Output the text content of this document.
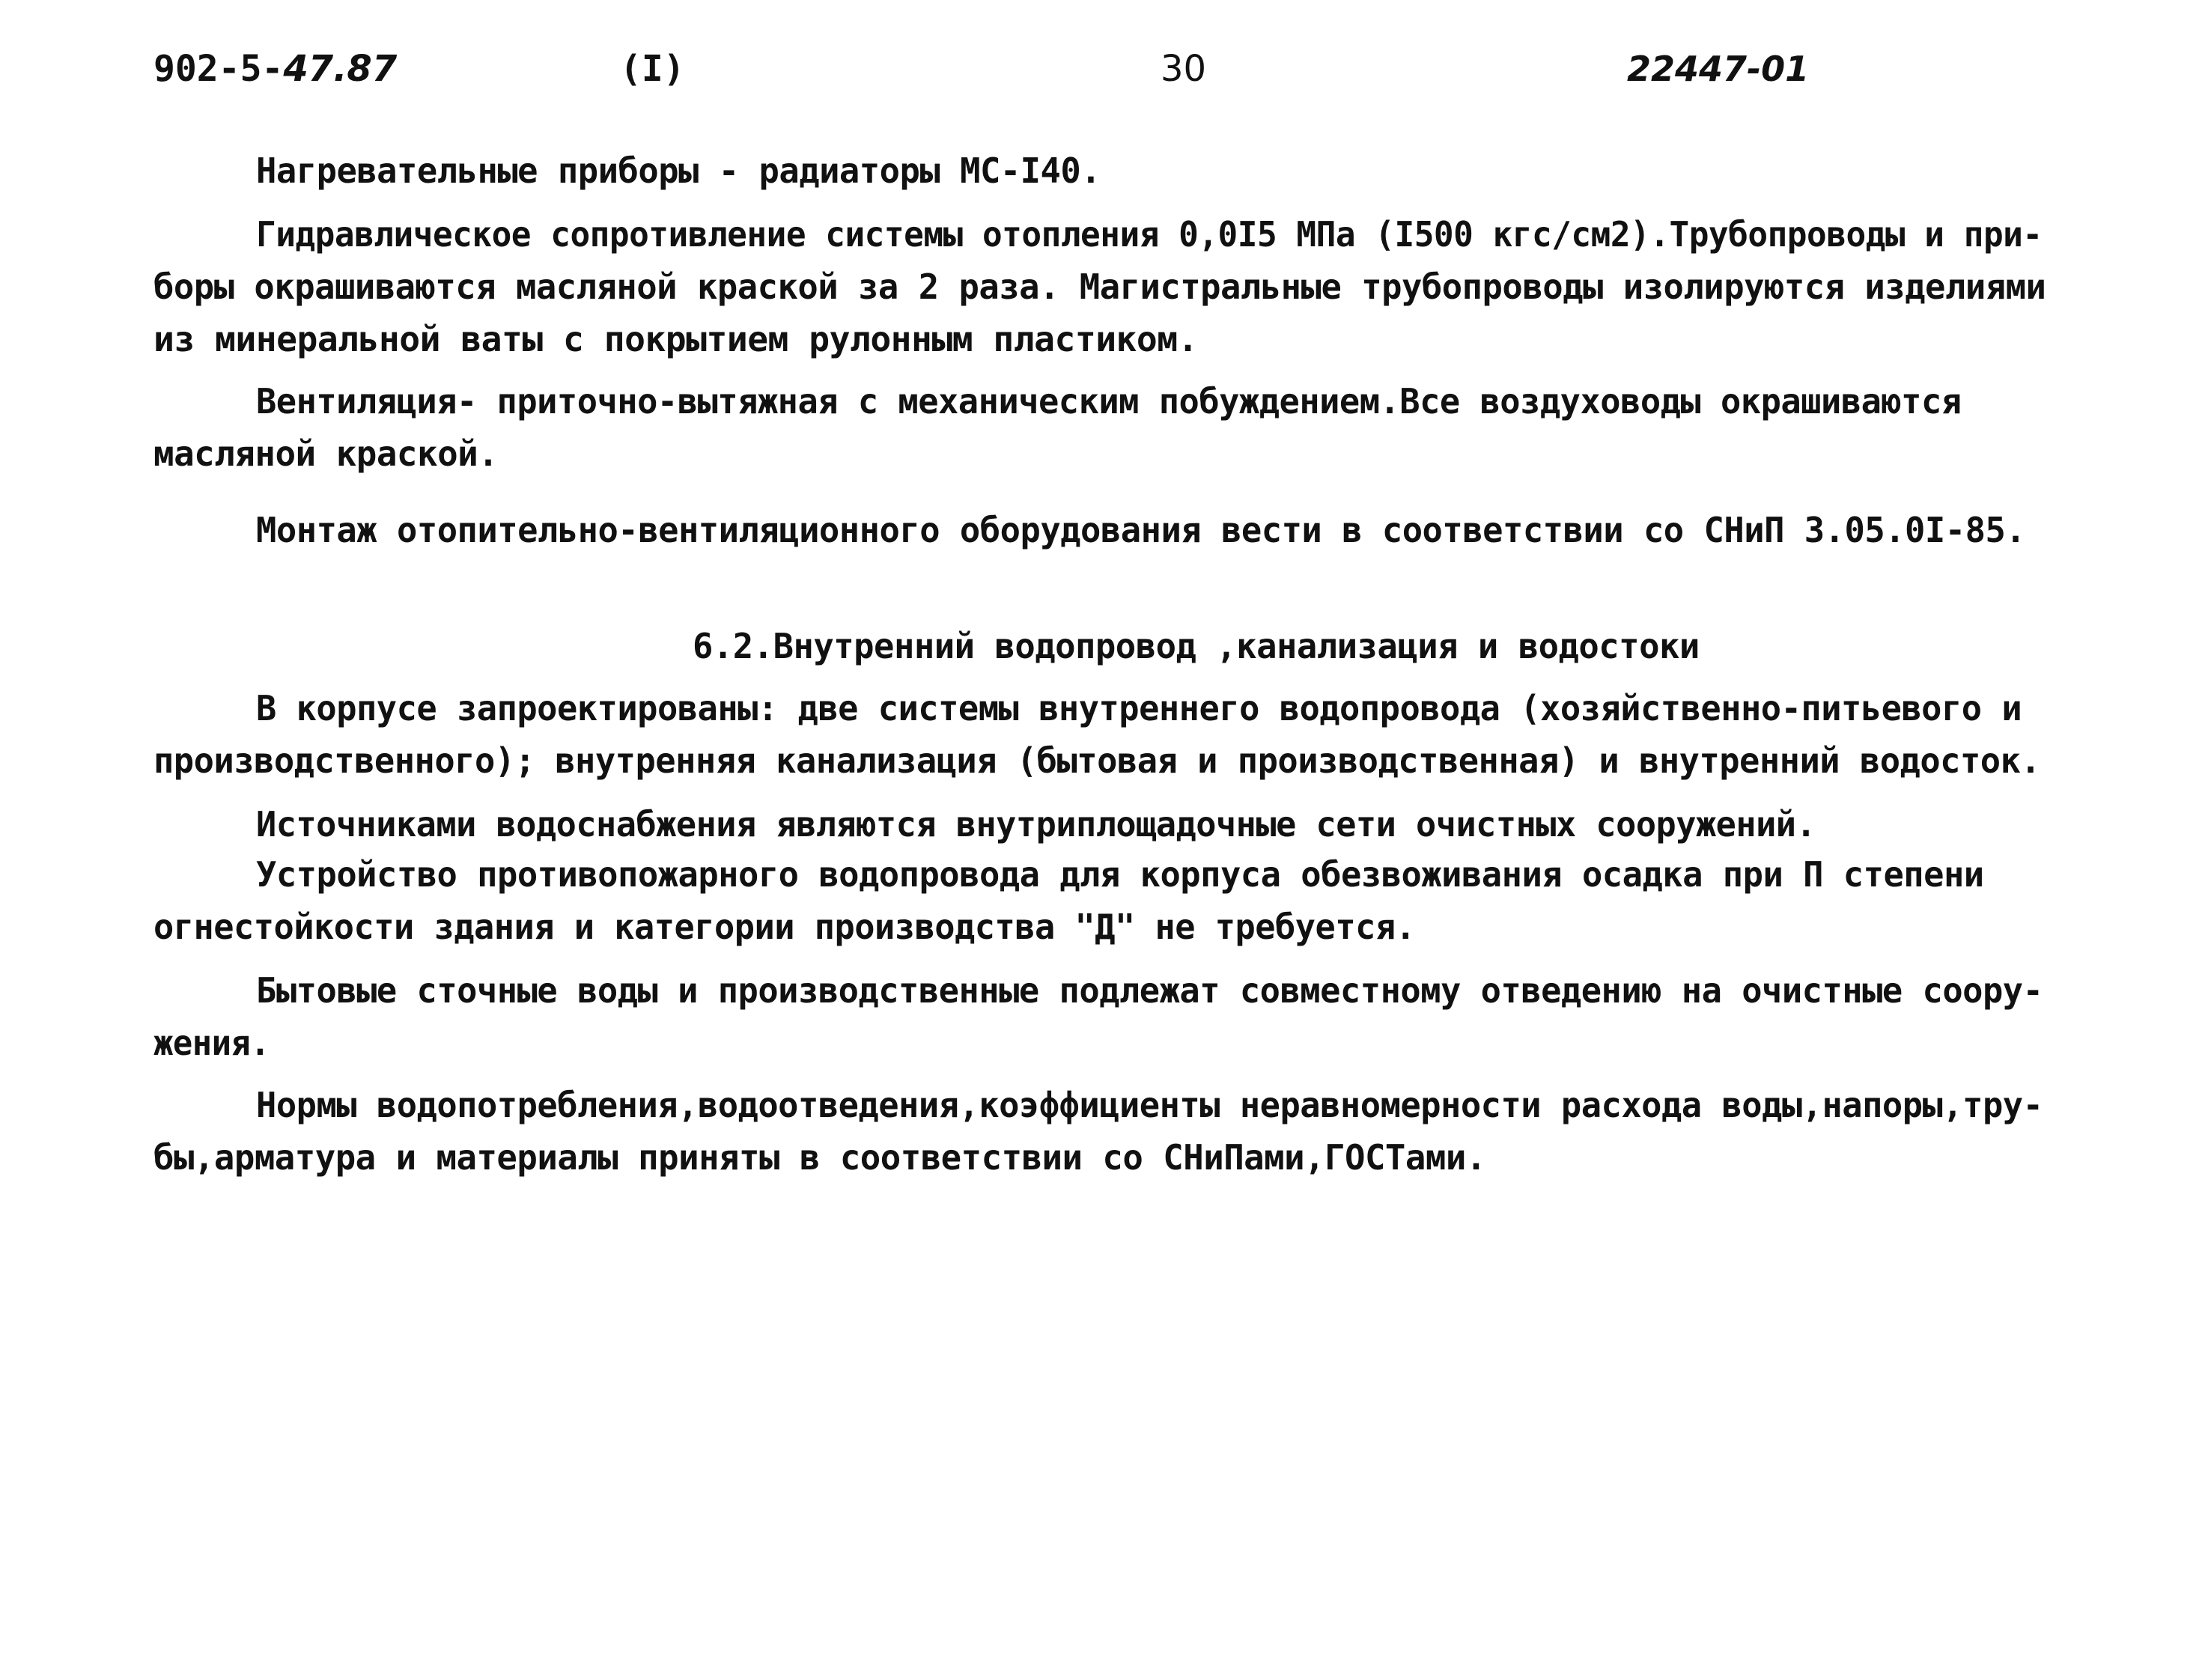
902-5-47.87	(I)	30	22447-01
Нагревательные приборы - радиаторы МС-I40.
Гидравлическое сопротивление системы отопления 0,0I5 МПа (I500 кгс/см2).Трубопроводы и при-
боры окрашиваются масляной краской за 2 раза. Магистральные трубопроводы изолируются изделиями
из минеральной ваты с покрытием рулонным пластиком.
Вентиляция- приточно-вытяжная с механическим побуждением.Все воздуховоды окрашиваются
масляной краской.
Монтаж отопительно-вентиляционного оборудования вести в соответствии со СНиП 3.05.0I-85.
6.2.Внутренний водопровод ,канализация и водостоки
В корпусе запроектированы: две системы внутреннего водопровода (хозяйственно-питьевого и
производственного); внутренняя канализация (бытовая и производственная) и внутренний водосток.
Источниками водоснабжения являются внутриплощадочные сети очистных сооружений.
Устройство противопожарного водопровода для корпуса обезвоживания осадка при П степени
огнестойкости здания и категории производства "Д" не требуется.
Бытовые сточные воды и производственные подлежат совместному отведению на очистные соору-
жения.
Нормы водопотребления,водоотведения,коэффициенты неравномерности расхода воды,напоры,тру-
бы,арматура и материалы приняты в соответствии со СНиПами,ГОСТами.
